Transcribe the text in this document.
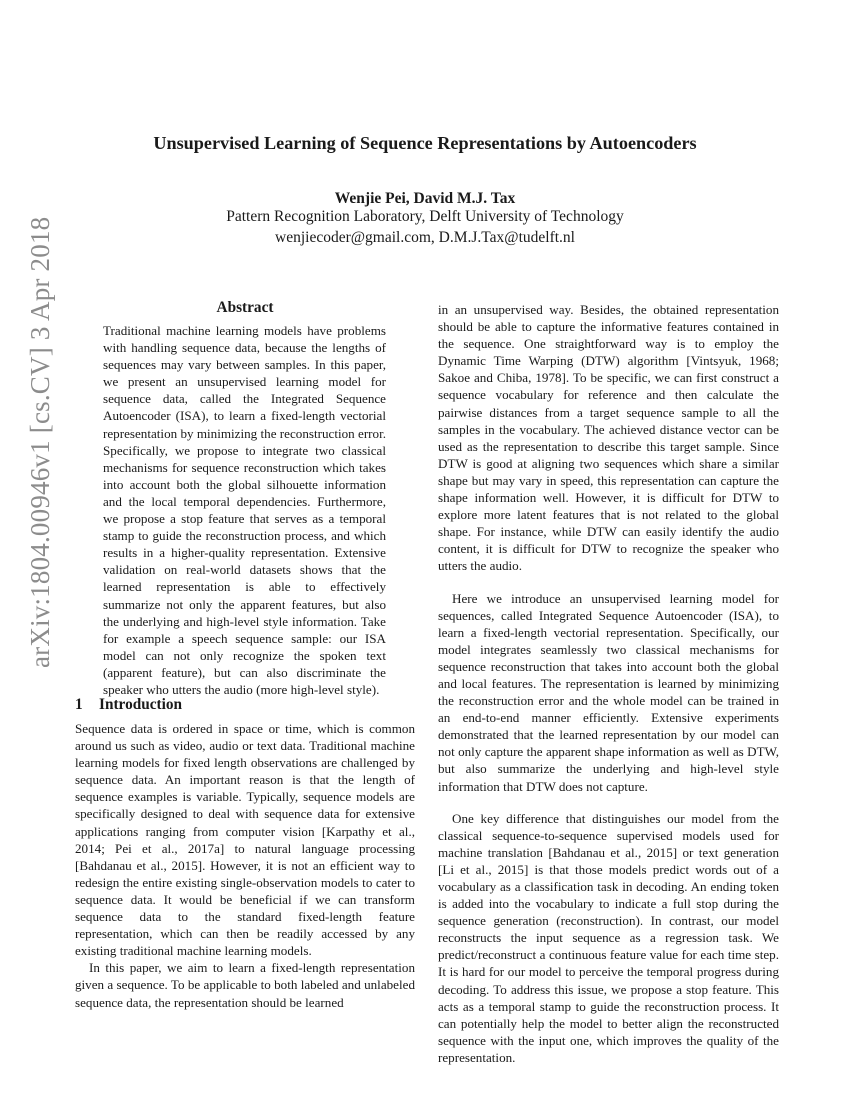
arXiv:1804.00946v1 [cs.CV] 3 Apr 2018
Unsupervised Learning of Sequence Representations by Autoencoders
Wenjie Pei, David M.J. Tax
Pattern Recognition Laboratory, Delft University of Technology
wenjiecoder@gmail.com, D.M.J.Tax@tudelft.nl
Abstract
Traditional machine learning models have problems with handling sequence data, because the lengths of sequences may vary between samples. In this paper, we present an unsupervised learning model for sequence data, called the Integrated Sequence Autoencoder (ISA), to learn a fixed-length vectorial representation by minimizing the reconstruction error. Specifically, we propose to integrate two classical mechanisms for sequence reconstruction which takes into account both the global silhouette information and the local temporal dependencies. Furthermore, we propose a stop feature that serves as a temporal stamp to guide the reconstruction process, and which results in a higher-quality representation. Extensive validation on real-world datasets shows that the learned representation is able to effectively summarize not only the apparent features, but also the underlying and high-level style information. Take for example a speech sequence sample: our ISA model can not only recognize the spoken text (apparent feature), but can also discriminate the speaker who utters the audio (more high-level style).
1 Introduction

Sequence data is ordered in space or time, which is common around us such as video, audio or text data. Traditional machine learning models for fixed length observations are challenged by sequence data. An important reason is that the length of sequence examples is variable. Typically, sequence models are specifically designed to deal with sequence data for extensive applications ranging from computer vision [Karpathy et al., 2014; Pei et al., 2017a] to natural language processing [Bahdanau et al., 2015]. However, it is not an efficient way to redesign the entire existing single-observation models to cater to sequence data. It would be beneficial if we can transform sequence data to the standard fixed-length feature representation, which can then be readily accessed by any existing traditional machine learning models.

In this paper, we aim to learn a fixed-length representation given a sequence. To be applicable to both labeled and unlabeled sequence data, the representation should be learned

in an unsupervised way. Besides, the obtained representation should be able to capture the informative features contained in the sequence. One straightforward way is to employ the Dynamic Time Warping (DTW) algorithm [Vintsyuk, 1968; Sakoe and Chiba, 1978]. To be specific, we can first construct a sequence vocabulary for reference and then calculate the pairwise distances from a target sequence sample to all the samples in the vocabulary. The achieved distance vector can be used as the representation to describe this target sample. Since DTW is good at aligning two sequences which share a similar shape but may vary in speed, this representation can capture the shape information well. However, it is difficult for DTW to explore more latent features that is not related to the global shape. For instance, while DTW can easily identify the audio content, it is difficult for DTW to recognize the speaker who utters the audio.

Here we introduce an unsupervised learning model for sequences, called Integrated Sequence Autoencoder (ISA), to learn a fixed-length vectorial representation. Specifically, our model integrates seamlessly two classical mechanisms for sequence reconstruction that takes into account both the global and local features. The representation is learned by minimizing the reconstruction error and the whole model can be trained in an end-to-end manner efficiently. Extensive experiments demonstrated that the learned representation by our model can not only capture the apparent shape information as well as DTW, but also summarize the underlying and high-level style information that DTW does not capture.

One key difference that distinguishes our model from the classical sequence-to-sequence supervised models used for machine translation [Bahdanau et al., 2015] or text generation [Li et al., 2015] is that those models predict words out of a vocabulary as a classification task in decoding. An ending token is added into the vocabulary to indicate a full stop during the sequence generation (reconstruction). In contrast, our model reconstructs the input sequence as a regression task. We predict/reconstruct a continuous feature value for each time step. It is hard for our model to perceive the temporal progress during decoding. To address this issue, we propose a stop feature. This acts as a temporal stamp to guide the reconstruction process. It can potentially help the model to better align the reconstructed sequence with the input one, which improves the quality of the representation.
